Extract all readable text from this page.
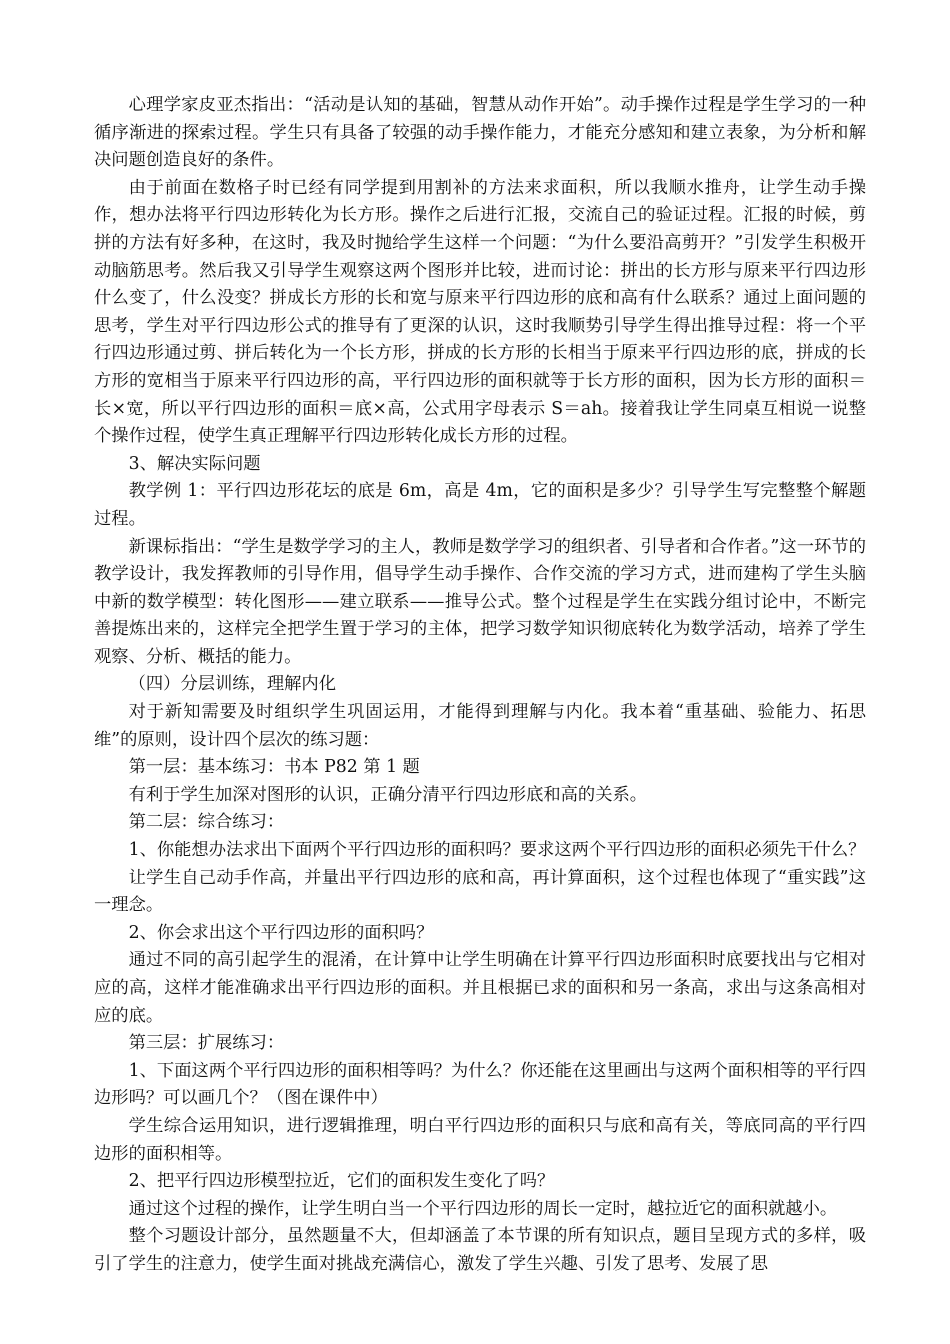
心理学家皮亚杰指出：“活动是认知的基础，智慧从动作开始”。动手操作过程是学生学习的一种循序渐进的探索过程。学生只有具备了较强的动手操作能力，才能充分感知和建立表象，为分析和解决问题创造良好的条件。

由于前面在数格子时已经有同学提到用割补的方法来求面积，所以我顺水推舟，让学生动手操作，想办法将平行四边形转化为长方形。操作之后进行汇报，交流自己的验证过程。汇报的时候，剪拼的方法有好多种，在这时，我及时抛给学生这样一个问题：“为什么要沿高剪开？”引发学生积极开动脑筋思考。然后我又引导学生观察这两个图形并比较，进而讨论：拼出的长方形与原来平行四边形什么变了，什么没变？拼成长方形的长和宽与原来平行四边形的底和高有什么联系？通过上面问题的思考，学生对平行四边形公式的推导有了更深的认识，这时我顺势引导学生得出推导过程：将一个平行四边形通过剪、拼后转化为一个长方形，拼成的长方形的长相当于原来平行四边形的底，拼成的长方形的宽相当于原来平行四边形的高，平行四边形的面积就等于长方形的面积，因为长方形的面积＝长×宽，所以平行四边形的面积＝底×高，公式用字母表示 S＝ah。接着我让学生同桌互相说一说整个操作过程，使学生真正理解平行四边形转化成长方形的过程。

3、解决实际问题

教学例 1：平行四边形花坛的底是 6m，高是 4m，它的面积是多少？引导学生写完整整个解题过程。

新课标指出：“学生是数学学习的主人，教师是数学学习的组织者、引导者和合作者。”这一环节的教学设计，我发挥教师的引导作用，倡导学生动手操作、合作交流的学习方式，进而建构了学生头脑中新的数学模型：转化图形——建立联系——推导公式。整个过程是学生在实践分组讨论中，不断完善提炼出来的，这样完全把学生置于学习的主体，把学习数学知识彻底转化为数学活动，培养了学生观察、分析、概括的能力。

（四）分层训练，理解内化

对于新知需要及时组织学生巩固运用，才能得到理解与内化。我本着“重基础、验能力、拓思维”的原则，设计四个层次的练习题：

第一层：基本练习：书本 P82 第 1 题

有利于学生加深对图形的认识，正确分清平行四边形底和高的关系。

第二层：综合练习：

1、你能想办法求出下面两个平行四边形的面积吗？要求这两个平行四边形的面积必须先干什么？

让学生自己动手作高，并量出平行四边形的底和高，再计算面积，这个过程也体现了“重实践”这一理念。

2、你会求出这个平行四边形的面积吗？

通过不同的高引起学生的混淆，在计算中让学生明确在计算平行四边形面积时底要找出与它相对应的高，这样才能准确求出平行四边形的面积。并且根据已求的面积和另一条高，求出与这条高相对应的底。

第三层：扩展练习：

1、下面这两个平行四边形的面积相等吗？为什么？你还能在这里画出与这两个面积相等的平行四边形吗？可以画几个？（图在课件中）

学生综合运用知识，进行逻辑推理，明白平行四边形的面积只与底和高有关，等底同高的平行四边形的面积相等。

2、把平行四边形模型拉近，它们的面积发生变化了吗？

通过这个过程的操作，让学生明白当一个平行四边形的周长一定时，越拉近它的面积就越小。

整个习题设计部分，虽然题量不大，但却涵盖了本节课的所有知识点，题目呈现方式的多样，吸引了学生的注意力，使学生面对挑战充满信心，激发了学生兴趣、引发了思考、发展了思
